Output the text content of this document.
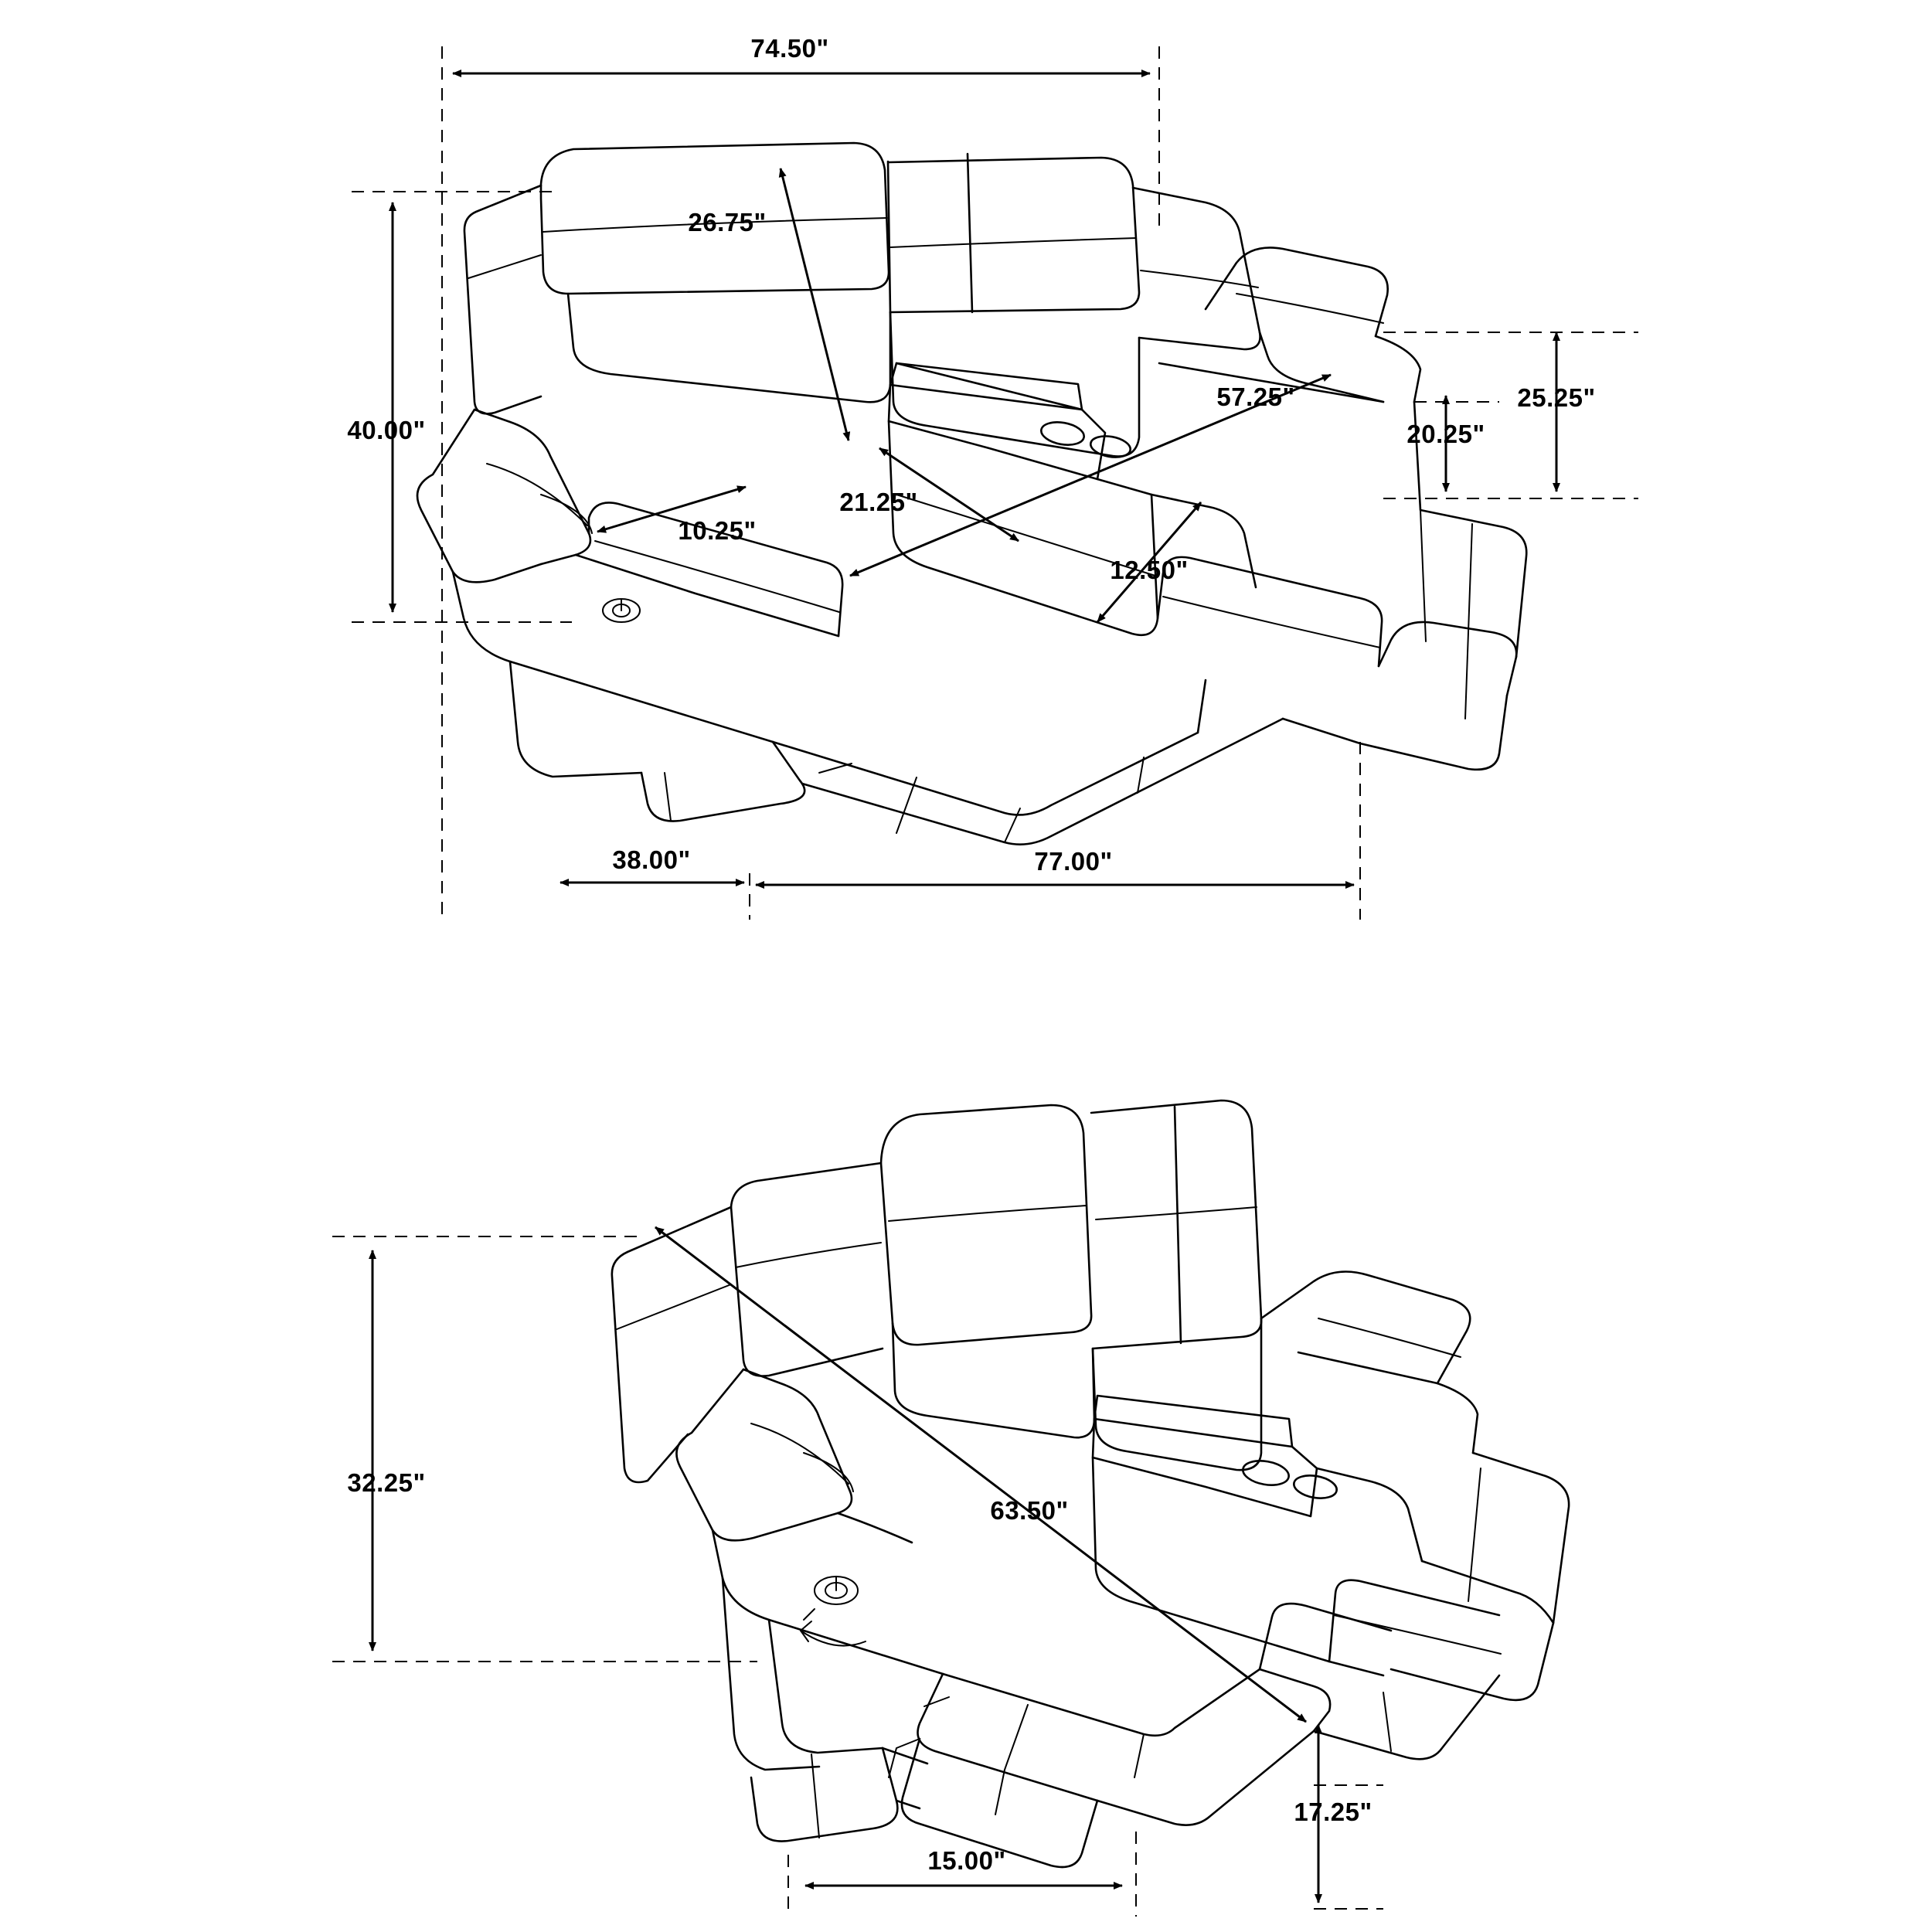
74.50"
26.75"
40.00"
10.25"
21.25"
57.25"
12.50"
20.25"
25.25"
38.00"	77.00"
32.25"
63.50"
17.25"
15.00"
